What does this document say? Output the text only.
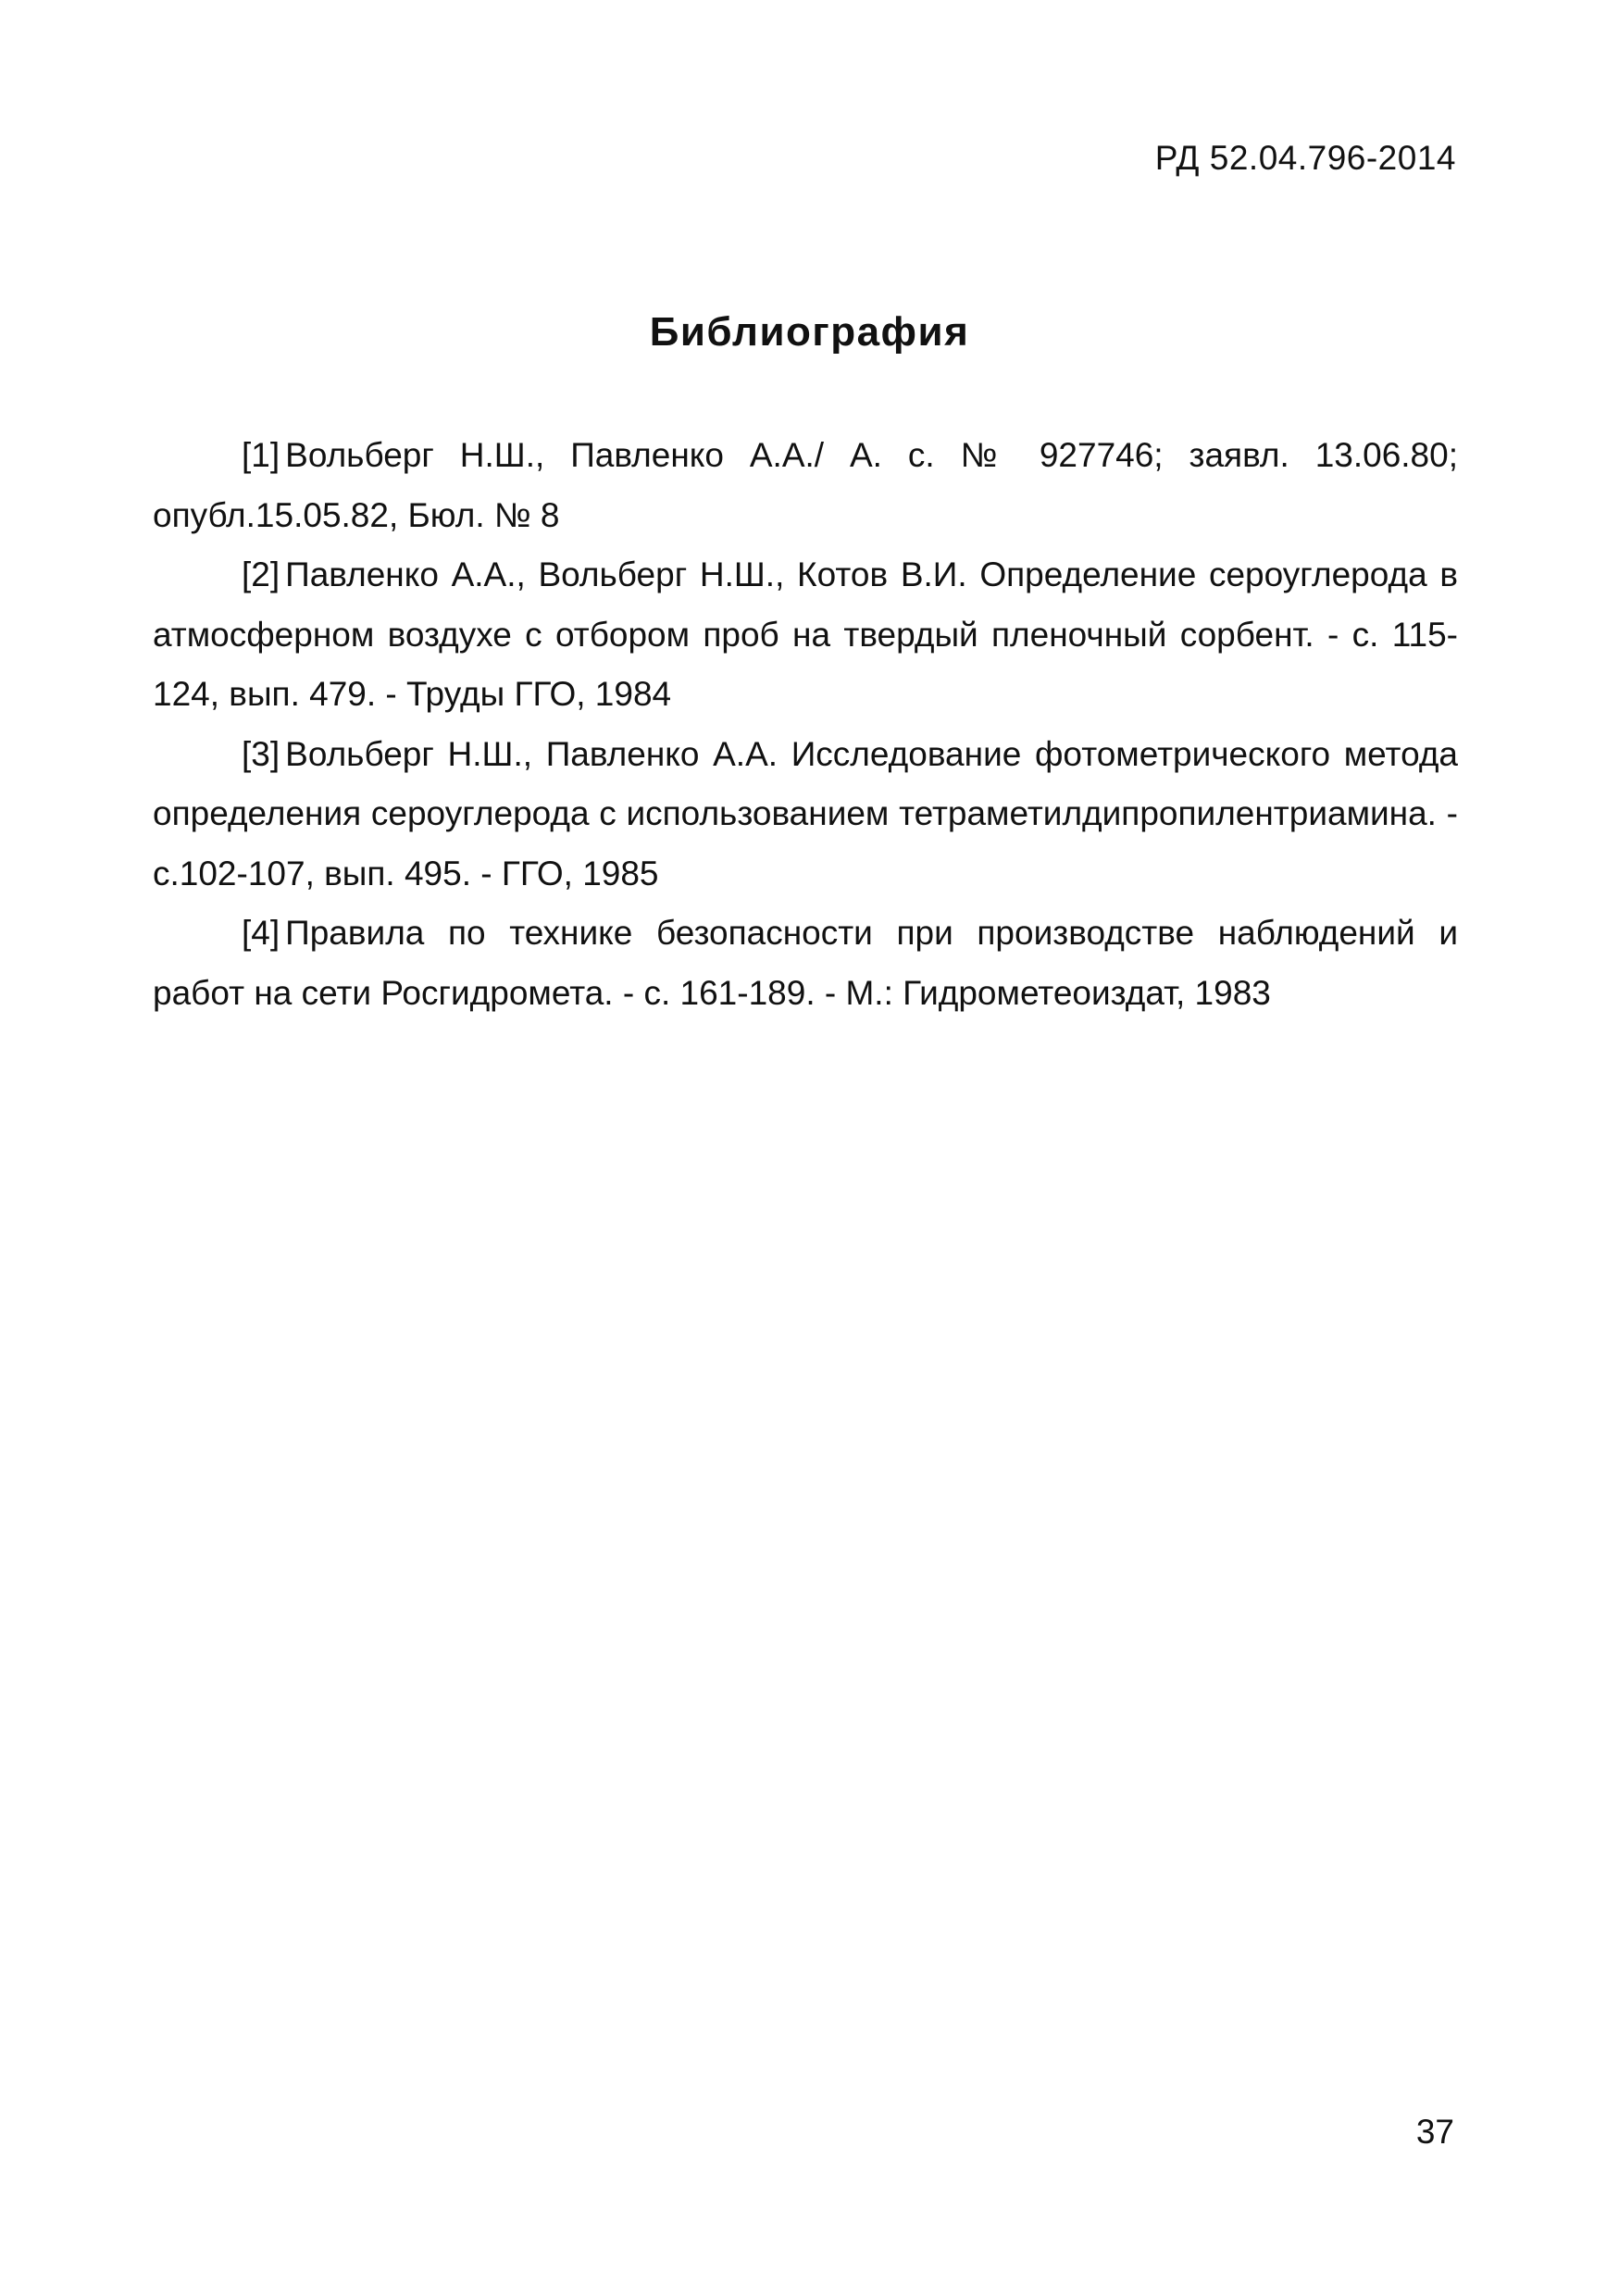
РД 52.04.796-2014
Библиография

[1] Вольберг Н.Ш., Павленко А.А./ А. с. № 927746; заявл. 13.06.80; опубл.15.05.82, Бюл. № 8

[2] Павленко А.А., Вольберг Н.Ш., Котов В.И. Определение сероуглерода в атмосферном воздухе с отбором проб на твердый пленочный сорбент. - с. 115-124, вып. 479. - Труды ГГО, 1984

[3] Вольберг Н.Ш., Павленко А.А. Исследование фотометрического метода определения сероуглерода с использованием тетраметилдипропилентриамина. - с.102-107, вып. 495. - ГГО, 1985

[4] Правила по технике безопасности при производстве наблюдений и работ на сети Росгидромета. - с. 161-189. - М.: Гидрометеоиздат, 1983

37
